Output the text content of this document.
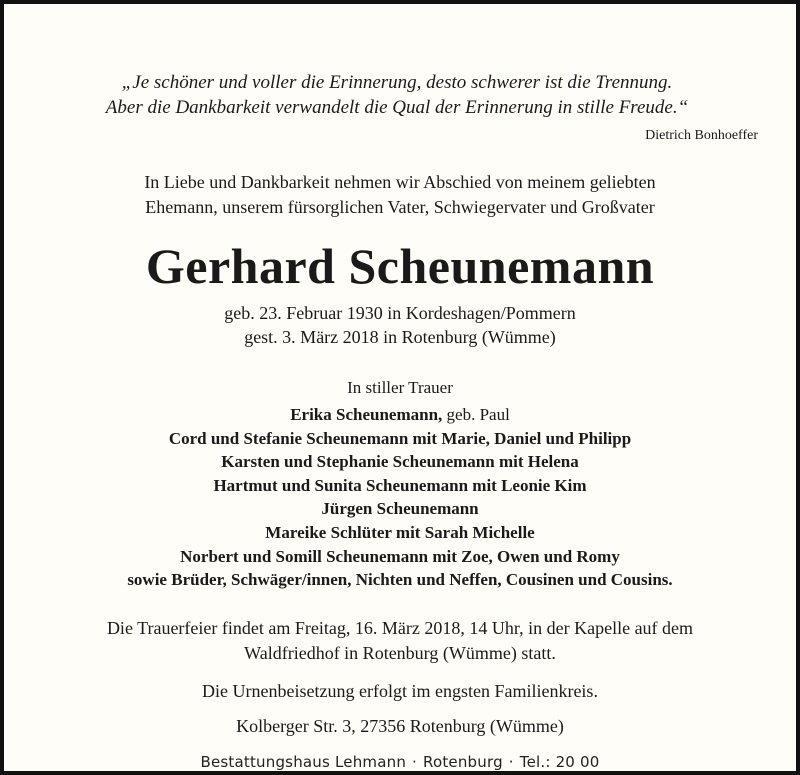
„Je schöner und voller die Erinnerung, desto schwerer ist die Trennung.
Aber die Dankbarkeit verwandelt die Qual der Erinnerung in stille Freude.“
Dietrich Bonhoeffer
In Liebe und Dankbarkeit nehmen wir Abschied von meinem geliebten
Ehemann, unserem fürsorglichen Vater, Schwiegervater und Großvater
Gerhard Scheunemann
geb. 23. Februar 1930 in Kordeshagen/Pommern
gest. 3. März 2018 in Rotenburg (Wümme)
In stiller Trauer
Erika Scheunemann, geb. Paul
Cord und Stefanie Scheunemann mit Marie, Daniel und Philipp
Karsten und Stephanie Scheunemann mit Helena
Hartmut und Sunita Scheunemann mit Leonie Kim
Jürgen Scheunemann
Mareike Schlüter mit Sarah Michelle
Norbert und Somill Scheunemann mit Zoe, Owen und Romy
sowie Brüder, Schwäger/innen, Nichten und Neffen, Cousinen und Cousins.
Die Trauerfeier findet am Freitag, 16. März 2018, 14 Uhr, in der Kapelle auf dem
Waldfriedhof in Rotenburg (Wümme) statt.
Die Urnenbeisetzung erfolgt im engsten Familienkreis.
Kolberger Str. 3, 27356 Rotenburg (Wümme)
Bestattungshaus Lehmann · Rotenburg · Tel.: 20 00
